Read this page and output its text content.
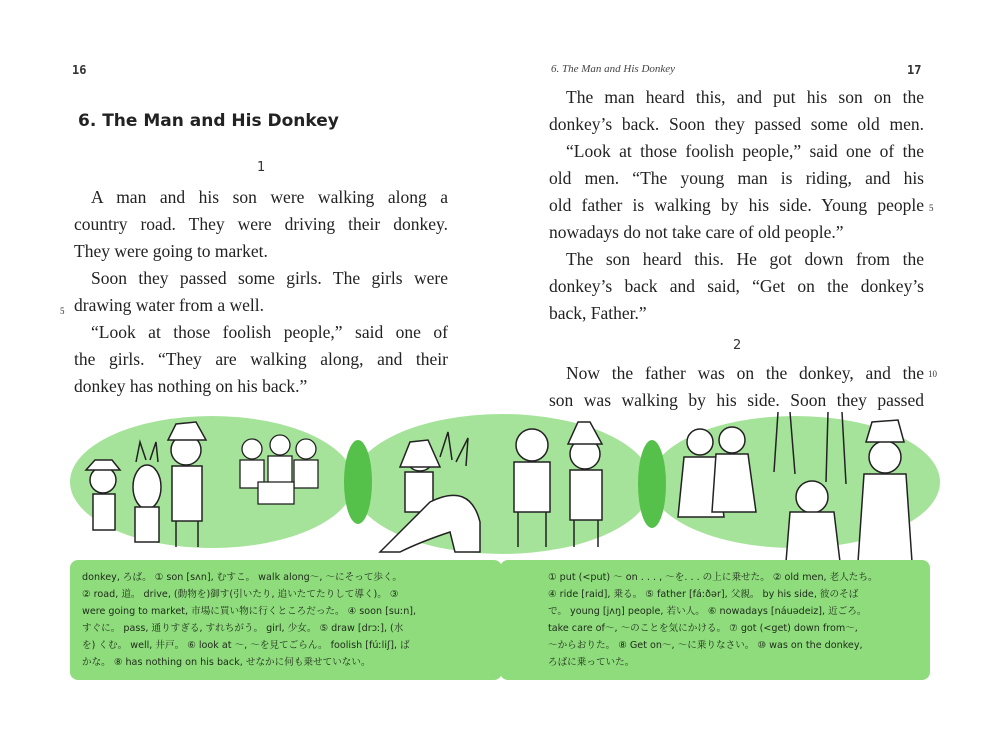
16
6. The Man and His Donkey
1
A man and his son were walking along a
country road. They were driving their donkey.
They were going to market.
Soon they passed some girls. The girls were
drawing water from a well.
“Look at those foolish people,” said one of
the girls. “They are walking along, and their
donkey has nothing on his back.”
5
6. The Man and His Donkey	17
The man heard this, and put his son on the
donkey’s back. Soon they passed some old men.
“Look at those foolish people,” said one of the
old men. “The young man is riding, and his
old father is walking by his side. Young people
nowadays do not take care of old people.”
The son heard this. He got down from the
donkey’s back and said, “Get on the donkey’s
back, Father.”
5
2
Now the father was on the donkey, and the
son was walking by his side. Soon they passed
10
donkey, ろば。 ① son [sʌn], むすこ。 walk along〜, 〜にそって歩く。
② road, 道。 drive, (動物を)御す(引いたり, 追いたてたりして導く)。 ③
were going to market, 市場に買い物に行くところだった。 ④ soon [suːn],
すぐに。 pass, 通りすぎる, すれちがう。 girl, 少女。 ⑤ draw [drɔː], (水
を) くむ。 well, 井戸。 ⑥ look at 〜, 〜を見てごらん。 foolish [fúːliʃ], ば
かな。 ⑧ has nothing on his back, せなかに何も乗せていない。
① put (<put) 〜 on . . . , 〜を. . . の上に乗せた。 ② old men, 老人たち。
④ ride [raid], 乗る。 ⑤ father [fáːðər], 父親。 by his side, 彼のそば
で。 young [jʌŋ] people, 若い人。 ⑥ nowadays [náuədeiz], 近ごろ。
take care of〜, 〜のことを気にかける。 ⑦ got (<get) down from〜,
〜からおりた。 ⑧ Get on〜, 〜に乗りなさい。 ⑩ was on the donkey,
ろばに乗っていた。
